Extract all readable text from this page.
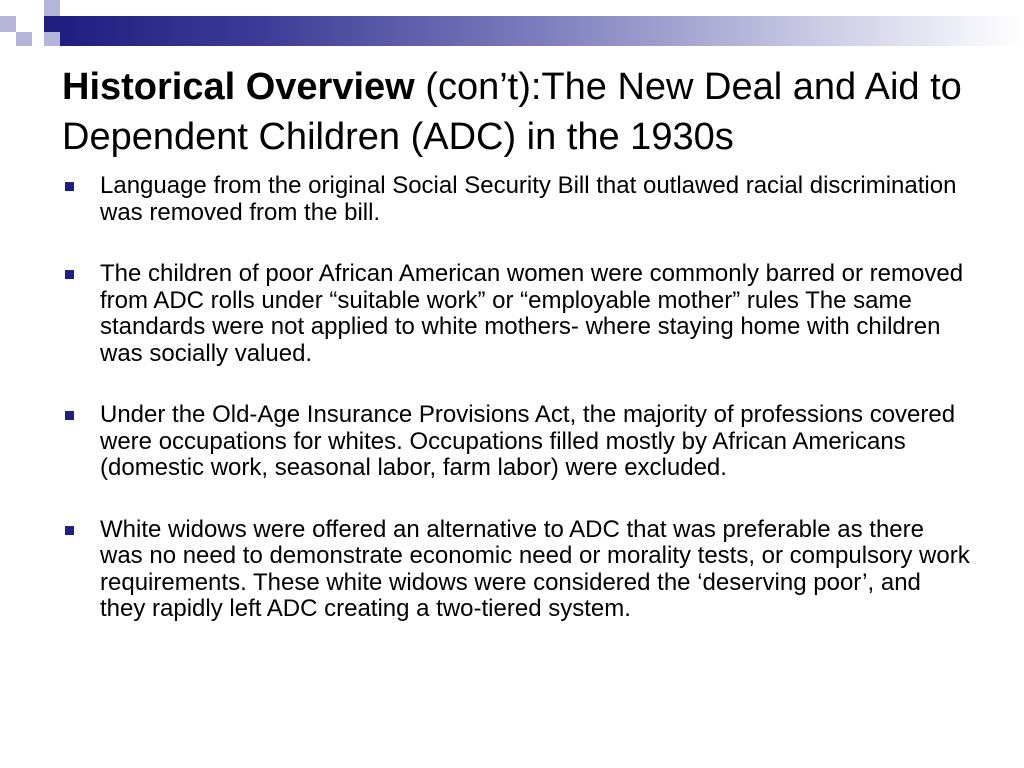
Historical Overview (con’t):The New Deal and Aid to Dependent Children (ADC) in the 1930s
Language from the original Social Security Bill that outlawed racial discrimination was removed from the bill.
The children of poor African American women were commonly barred or removed from ADC rolls under “suitable work” or “employable mother” rules The same standards were not applied to white mothers- where staying home with children was socially valued.
Under the Old-Age Insurance Provisions Act, the majority of professions covered were occupations for whites. Occupations filled mostly by African Americans (domestic work, seasonal labor, farm labor) were excluded.
White widows were offered an alternative to ADC that was preferable as there was no need to demonstrate economic need or morality tests, or compulsory work requirements. These white widows were considered the ‘deserving poor’, and they rapidly left ADC creating a two-tiered system.
